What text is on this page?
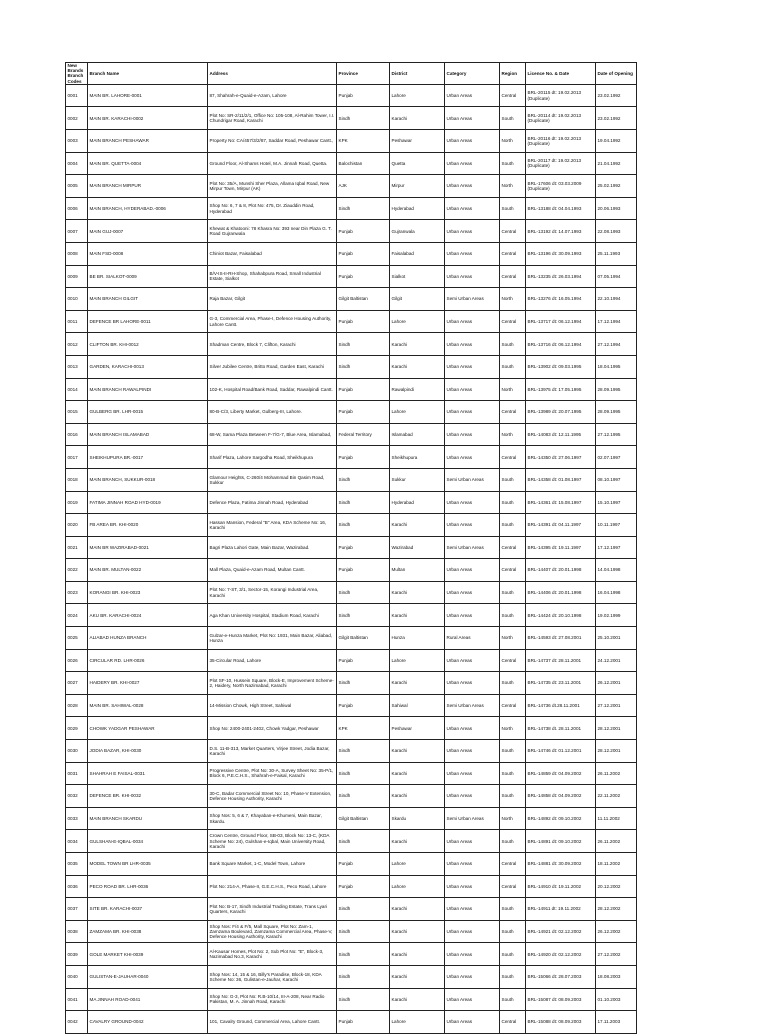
New Brands Branch Codes	Branch Name	Address	Province	District	Category	Region	Licence No. & Date	Date of Opening
0001	MAIN BR. LAHORE-0001	87, Shahrah-e-Quaid-e-Azam, Lahore	Punjab	Lahore	Urban Areas	Central	BRL-20115 dt: 19.02.2013 (Duplicate)	23.02.1992
0002	MAIN BR. KARACHI-0002	Plot No: SR-2/11/2/1, Office No: 105-108, Al-Rahim Tower, I.I. Chundrigar Road, Karachi	Sindh	Karachi	Urban Areas	South	BRL-20114 dt: 19.02.2013 (Duplicate)	23.02.1992
0003	MAIN BRANCH PESHAWAR	Property No: CA/457/3/2/87, Saddar Road, Peshawar Cantt.,	KPK	Peshawar	Urban Areas	North	BRL-20116 dt: 19.02.2013 (Duplicate)	19.04.1992
0004	MAIN BR. QUETTA-0004	Ground Floor, Al-Shams Hotel, M.A. Jinnah Road, Quetta.	Balochistan	Quetta	Urban Areas	South	BRL-20117 dt: 19.02.2013 (Duplicate)	21.04.1992
0005	MAIN BRANCH MIRPUR	Plot No: 35/A, Munshi Sher Plaza, Allama Iqbal Road, New Mirpur Town, Mirpur (AK)	AJK	Mirpur	Urban Areas	North	BRL-17606 dt: 03.03.2009 (Duplicate)	25.02.1992
0006	MAIN BRANCH, HYDERABAD.-0006	Shop No: 6, 7 & 8, Plot No: 475, Dr. Ziauddin Road, Hyderabad	Sindh	Hyderabad	Urban Areas	South	BRL-13188 dt: 04.04.1993	20.06.1993
0007	MAIN GUJ-0007	Khewat & Khatooni: 78 Khasra No: 393 near Din Plaza G. T. Road Gujranwala	Punjab	Gujranwala	Urban Areas	Central	BRL-13192 dt: 14.07.1993	22.08.1993
0008	MAIN FSD-0008	Chiniot Bazar, Faisalabad	Punjab	Faisalabad	Urban Areas	Central	BRL-13196 dt: 30.09.1993	25.11.1993
0009	BE BR. SIALKOT-0009	B/V-IS-II-RH-Shop, Shahabpura Road, Small Industrial Estate, Sialkot	Punjab	Sialkot	Urban Areas	Central	BRL-13235 dt: 26.03.1994	07.05.1994
0010	MAIN BRANCH GILGIT	Raja Bazar, Gilgit	Gilgit Baltistan	Gilgit	Semi Urban Areas	North	BRL-13276 dt: 16.05.1994	22.10.1994
0011	DEFENCE BR LAHORE-0011	G-3, Commercial Area, Phase-I, Defence Housing Authority, Lahore Cantt.	Punjab	Lahore	Urban Areas	Central	BRL-13717 dt: 06.12.1994	17.12.1994
0012	CLIFTON BR. KHI-0012	Shadman Centre, Block 7, Clifton, Karachi	Sindh	Karachi	Urban Areas	South	BRL-13716 dt: 06.12.1994	27.12.1994
0013	GARDEN, KARACHI-0013	Silver Jubilee Centre, Britto Road, Garden East, Karachi	Sindh	Karachi	Urban Areas	South	BRL-13902 dt: 09.03.1995	18.04.1995
0014	MAIN BRANCH RAWALPINDI	102-K, Hospital Road/Bank Road, Saddar, Rawalpindi Cantt.	Punjab	Rawalpindi	Urban Areas	North	BRL-13975 dt: 17.05.1995	28.09.1995
0015	GULBERG BR. LHR-0015	80-B-C/3, Liberty Market, Gulberg-III, Lahore.	Punjab	Lahore	Urban Areas	Central	BRL-13989 dt: 20.07.1995	28.09.1995
0016	MAIN BRANCH ISLAMABAD	68-W, Sama Plaza Between F-7/G-7, Blue Area, Islamabad,	Federal Territory	Islamabad	Urban Areas	North	BRL-14083 dt: 12.11.1995	27.12.1995
0017	SHEIKHUPURA BR.-0017	Sharif Plaza, Lahore Sargodha Road, Sheikhupura	Punjab	Sheikhupura	Urban Areas	Central	BRL-14350 dt: 27.06.1997	02.07.1997
0018	MAIN BRANCH, SUKKUR-0018	Glamour Heights, C-260/4 Mohammad Bin Qasim Road, Sukkur	Sindh	Sukkur	Semi Urban Areas	South	BRL-14358 dt: 01.08.1997	08.10.1997
0019	FATIMA JINNAH ROAD HYD-0019	Defence Plaza, Fatima Jinnah Road, Hyderabad	Sindh	Hyderabad	Urban Areas	South	BRL-14361 dt: 15.08.1997	15.10.1997
0020	FB AREA BR. KHI-0020	Hassan Mansion, Federal "B" Area, KDA Scheme No: 16, Karachi	Sindh	Karachi	Urban Areas	South	BRL-14391 dt: 04.11.1997	10.11.1997
0021	MAIN BR WAZIRABAD-0021	Bagri Plaza Lahori Gate, Main Bazar, Wazirabad.	Punjab	Wazirabad	Semi Urban Areas	Central	BRL-14395 dt: 19.11.1997	17.12.1997
0022	MAIN BR. MULTAN-0022	Mall Plaza, Quaid-e-Azam Road, Multan Cantt.	Punjab	Multan	Urban Areas	Central	BRL-14407 dt: 20.01.1998	14.04.1998
0023	KORANGI BR. KHI-0023	Plot No: 7-ST, 3/1, Sector-15, Korangi Industrial Area, Karachi	Sindh	Karachi	Urban Areas	South	BRL-14406 dt: 20.01.1998	16.04.1998
0024	AKU BR. KARACHI-0024	Aga Khan University Hospital, Stadium Road, Karachi	Sindh	Karachi	Urban Areas	South	BRL-14424 dt: 20.10.1998	19.02.1999
0025	ALIABAD HUNZA BRANCH	Gulzar-e-Hunza Market, Plot No: 1931, Main Bazar, Aliabad, Hunza	Gilgit Baltistan	Hunza	Rural Areas	North	BRL-14593 dt: 27.08.2001	25.10.2001
0026	CIRCULAR RD. LHR-0026	35-Circular Road, Lahore	Punjab	Lahore	Urban Areas	Central	BRL-14737 dt: 28.11.2001	24.12.2001
0027	HAIDERY BR. KHI-0027	Plot SF-10, Hussein Square, Block-E, Improvement Scheme-2, Haidery, North Nazimabad, Karachi	Sindh	Karachi	Urban Areas	South	BRL-14735 dt: 23.11.2001	26.12.2001
0028	MAIN BR. SAHIWAL-0028	14-Mission Chowk, High Street, Sahiwal	Punjab	Sahiwal	Semi Urban Areas	Central	BRL-14736 dt.28.11.2001	27.12.2001
0029	CHOWK YADGAR PESHAWAR	Shop No: 2400-2401-2402, Chowk Yadgar, Peshawar	KPK	Peshawar	Urban Areas	North	BRL-14738 dt. 28.11.2001	28.12.2001
0030	JODIA BAZAR, KHI-0030	D.S. 11-B-313, Market Quarters, Virjee Street, Jodia Bazar, Karachi	Sindh	Karachi	Urban Areas	South	BRL-14746 dt: 01.12.2001	28.12.2001
0031	SHAHRAH E FAISAL-0031	Progressive Centre, Plot No: 30-A, Survey Sheet No: 35-P/1, Block 6, P.E.C.H.S., Shahrah-e-Faisal, Karachi	Sindh	Karachi	Urban Areas	South	BRL-14859 dt: 04.09.2002	26.11.2002
0032	DEFENCE BR. KHI-0032	30-C, Badar Commercial Street No: 10, Phase-V Extension, Defence Housing Authority, Karachi	Sindh	Karachi	Urban Areas	South	BRL-14858 dt: 04.09.2002	22.11.2002
0033	MAIN BRANCH SKARDU	Shop Nos: 5, 6 & 7, Khayaban-e-Khumeni, Main Bazar, Skardu.	Gilgit Baltistan	Skardu	Semi Urban Areas	North	BRL-14892 dt: 09.10.2002	11.11.2002
0034	GULSHAN-E-IQBAL-0034	Crown Centre, Ground Floor, SB-03, Block No: 13-C, (KDA Scheme No: 24), Gulshan-e-Iqbal, Main University Road, Karachi	Sindh	Karachi	Urban Areas	South	BRL-14891 dt: 09.10.2002	26.11.2002
0035	MODEL TOWN BR LHR-0035	Bank Square Market, 1-C, Model Town, Lahore	Punjab	Lahore	Urban Areas	Central	BRL-14881 dt: 30.09.2002	18.11.2002
0036	PECO ROAD BR. LHR-0036	Plot No: 214-A, Phase-II, G.E.C.H.S., Peco Road, Lahore	Punjab	Lahore	Urban Areas	Central	BRL-14910 dt: 19.11.2002	20.12.2002
0037	SITE BR. KARACHI-0037	Plot No: B-17, Sindh Industrial Trading Estate, Trans Lyari Quarters, Karachi	Sindh	Karachi	Urban Areas	South	BRL-14911 dt: 19.11.2002	28.12.2002
0038	ZAMZAMA BR. KHI-0038	Shop Nos: F/4 & F/5, Mall Square, Plot No: Zam-1, Zamzama Boulevard, Zamzama Commercial Area, Phase-V, Defence Housing Authority, Karachi	Sindh	Karachi	Urban Areas	South	BRL-14921 dt: 02.12.2002	26.12.2002
0039	GOLE MARKET KHI-0039	Al-Kausar Homes, Plot No: 2, Sub Plot No: "E", Block-3, Nazimabad No.3, Karachi	Sindh	Karachi	Urban Areas	South	BRL-14920 dt: 02.12.2002	27.12.2002
0040	GULISTAN-E-JAUHAR-0040	Shop Nos: 14, 15 & 16, Billy's Paradise, Block-18, KDA Scheme No: 36, Gulistan-e-Jauhar, Karachi	Sindh	Karachi	Urban Areas	South	BRL-15066 dt: 28.07.2003	18.08.2003
0041	MA JINNAH ROAD-0041	Shop No: G-3, Plot No: R.B-10/14, III-A-208, Near Radio Pakistan, M. A. Jinnah Road, Karachi	Sindh	Karachi	Urban Areas	South	BRL-15087 dt: 08.09.2003	01.10.2003
0042	CAVALRY GROUND-0042	101, Cavalry Ground, Commercial Area, Lahore Cantt.	Punjab	Lahore	Urban Areas	Central	BRL-15088 dt: 08.09.2003	17.11.2003
